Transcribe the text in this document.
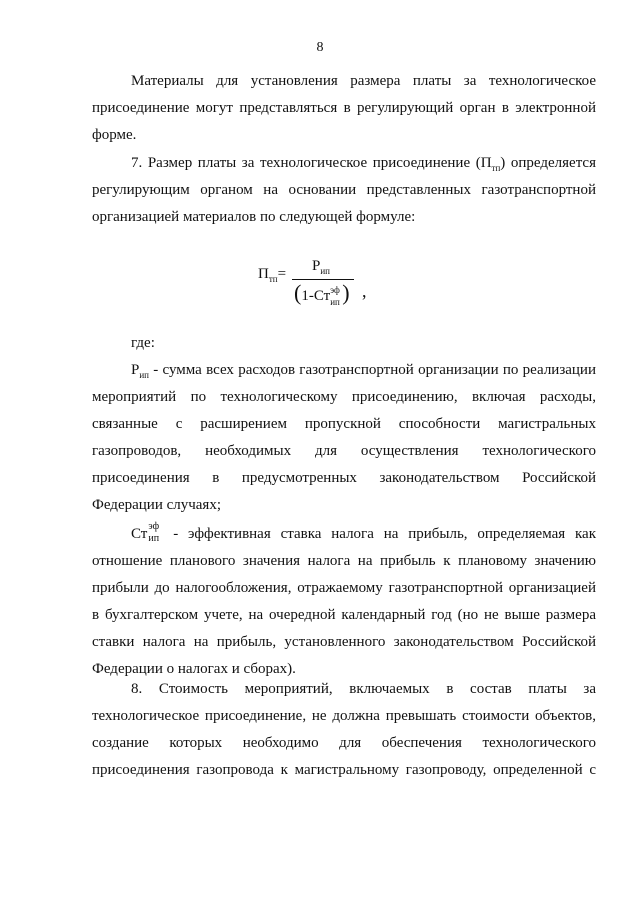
8
Материалы для установления размера платы за технологическое
присоединение могут представляться в регулирующий орган в электронной
форме.
7. Размер платы за технологическое присоединение $(П_{тп})$ определяется
регулирующим органом на основании представленных газотранспортной
организацией материалов по следующей формуле:
$П_{тп}= Р_{ип}$
(1-Ст эф
ип ) ,
где:
$Р_{ип}$ - сумма всех расходов газотранспортной организации по реализации
мероприятий по технологическому присоединению, включая расходы,
связанные с расширением пропускной способности магистральных
газопроводов, необходимых для осуществления технологического
присоединения в предусмотренных законодательством Российской
Федерации случаях;
Ст эф
ип - эффективная ставка налога на прибыль, определяемая как
отношение планового значения налога на прибыль к плановому значению
прибыли до налогообложения, отражаемому газотранспортной организацией
в бухгалтерском учете, на очередной календарный год (но не выше размера
ставки налога на прибыль, установленного законодательством Российской
Федерации о налогах и сборах).
8. Стоимость мероприятий, включаемых в состав платы за
технологическое присоединение, не должна превышать стоимости объектов,
создание которых необходимо для обеспечения технологического
присоединения газопровода к магистральному газопроводу, определенной с
